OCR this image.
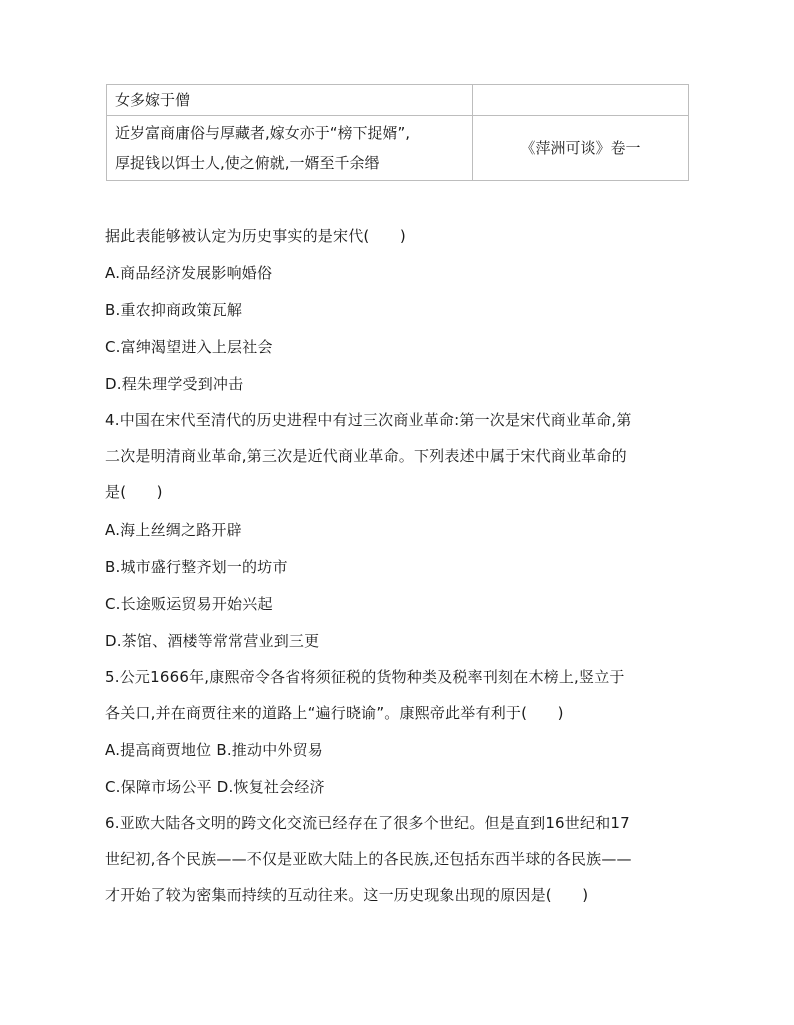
女多嫁于僧	

近岁富商庸俗与厚藏者,嫁女亦于“榜下捉婿”,
厚捉钱以饵士人,使之俯就,一婿至千余缗	《萍洲可谈》卷一
据此表能够被认定为历史事实的是宋代(　　)
A.商品经济发展影响婚俗
B.重农抑商政策瓦解
C.富绅渴望进入上层社会
D.程朱理学受到冲击
4.中国在宋代至清代的历史进程中有过三次商业革命:第一次是宋代商业革命,第
二次是明清商业革命,第三次是近代商业革命。下列表述中属于宋代商业革命的
是(　　)
A.海上丝绸之路开辟
B.城市盛行整齐划一的坊市
C.长途贩运贸易开始兴起
D.茶馆、酒楼等常常营业到三更
5.公元1666年,康熙帝令各省将须征税的货物种类及税率刊刻在木榜上,竖立于
各关口,并在商贾往来的道路上“遍行晓谕”。康熙帝此举有利于(　　)
A.提高商贾地位 B.推动中外贸易
C.保障市场公平 D.恢复社会经济
6.亚欧大陆各文明的跨文化交流已经存在了很多个世纪。但是直到16世纪和17
世纪初,各个民族——不仅是亚欧大陆上的各民族,还包括东西半球的各民族——
才开始了较为密集而持续的互动往来。这一历史现象出现的原因是(　　)
